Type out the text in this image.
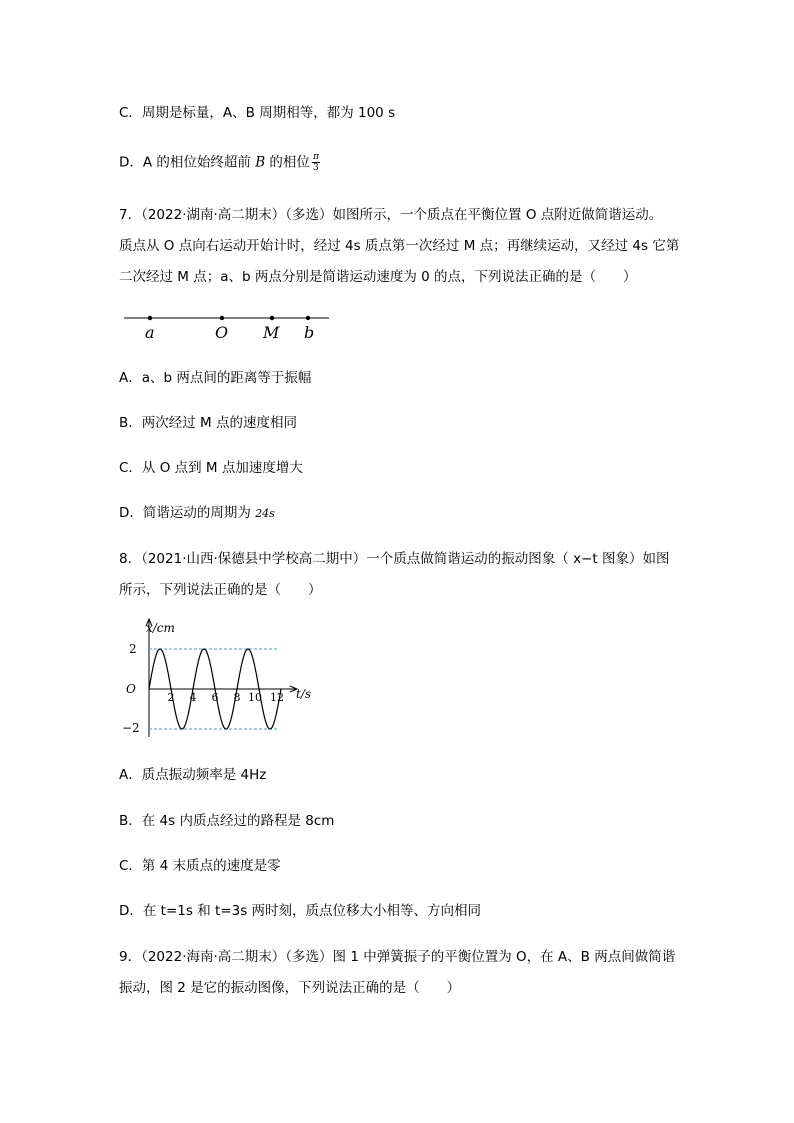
C．周期是标量，A、B 周期相等，都为 100 s
D．A 的相位始终超前 B 的相位 $\frac{\pi}{3}$
7．（2022·湖南·高二期末）（多选）如图所示，一个质点在平衡位置 O 点附近做简谐运动。
质点从 O 点向右运动开始计时，经过 4s 质点第一次经过 M 点；再继续运动，又经过 4s 它第
二次经过 M 点；a、b 两点分别是简谐运动速度为 0 的点，下列说法正确的是（　　）
a	O M b
A．a、b 两点间的距离等于振幅
B．两次经过 M 点的速度相同
C．从 O 点到 M 点加速度增大
D．简谐运动的周期为 24s
8．（2021·山西·保德县中学校高二期中）一个质点做简谐运动的振动图象（ x−t 图象）如图
所示，下列说法正确的是（　　）
x/cm
t/s
O
2
−2
2 4 6 8 10 12
A．质点振动频率是 4Hz
B．在 4s 内质点经过的路程是 8cm
C．第 4 末质点的速度是零
D．在 t=1s 和 t=3s 两时刻，质点位移大小相等、方向相同
9．（2022·海南·高二期末）（多选）图 1 中弹簧振子的平衡位置为 O，在 A、B 两点间做简谐
振动，图 2 是它的振动图像，下列说法正确的是（　　）
